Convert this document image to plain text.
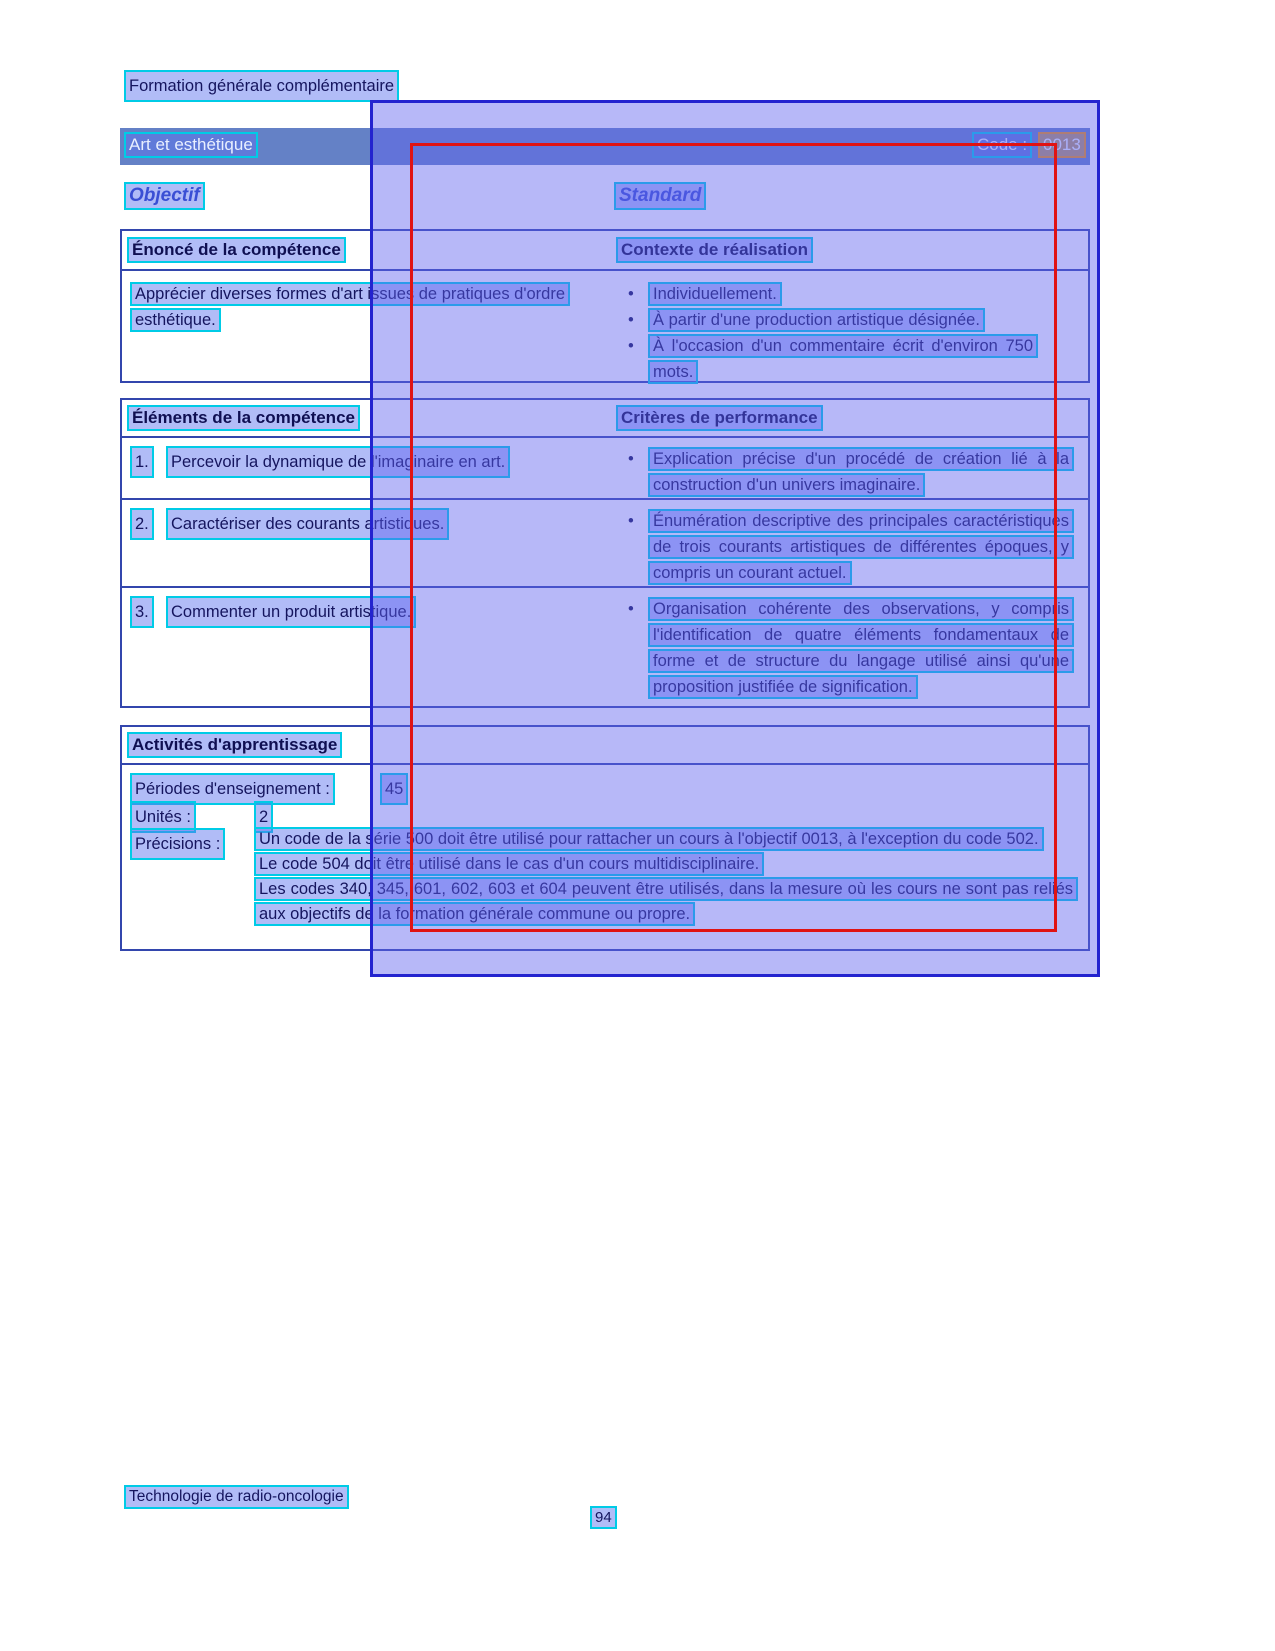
Formation générale complémentaire
Art et esthétique	Code : 0013
Objectif	Standard
Énoncé de la compétence	Contexte de réalisation
Apprécier diverses formes d'art issues de pratiques d'ordre esthétique.
• Individuellement.
• À partir d'une production artistique désignée.
• À l'occasion d'un commentaire écrit d'environ 750 mots.
Éléments de la compétence	Critères de performance
1.	Percevoir la dynamique de l'imaginaire en art.	• Explication précise d'un procédé de création lié à la construction d'un univers imaginaire.
2.	Caractériser des courants artistiques.	• Énumération descriptive des principales caractéristiques de trois courants artistiques de différentes époques, y compris un courant actuel.
3.	Commenter un produit artistique.	• Organisation cohérente des observations, y compris l'identification de quatre éléments fondamentaux de forme et de structure du langage utilisé ainsi qu'une proposition justifiée de signification.
Activités d'apprentissage
Périodes d'enseignement :	45
Unités :	2
Précisions :	Un code de la série 500 doit être utilisé pour rattacher un cours à l'objectif 0013, à l'exception du code 502.

Le code 504 doit être utilisé dans le cas d'un cours multidisciplinaire.

Les codes 340, 345, 601, 602, 603 et 604 peuvent être utilisés, dans la mesure où les cours ne sont pas reliés aux objectifs de la formation générale commune ou propre.

Technologie de radio-oncologie
94
